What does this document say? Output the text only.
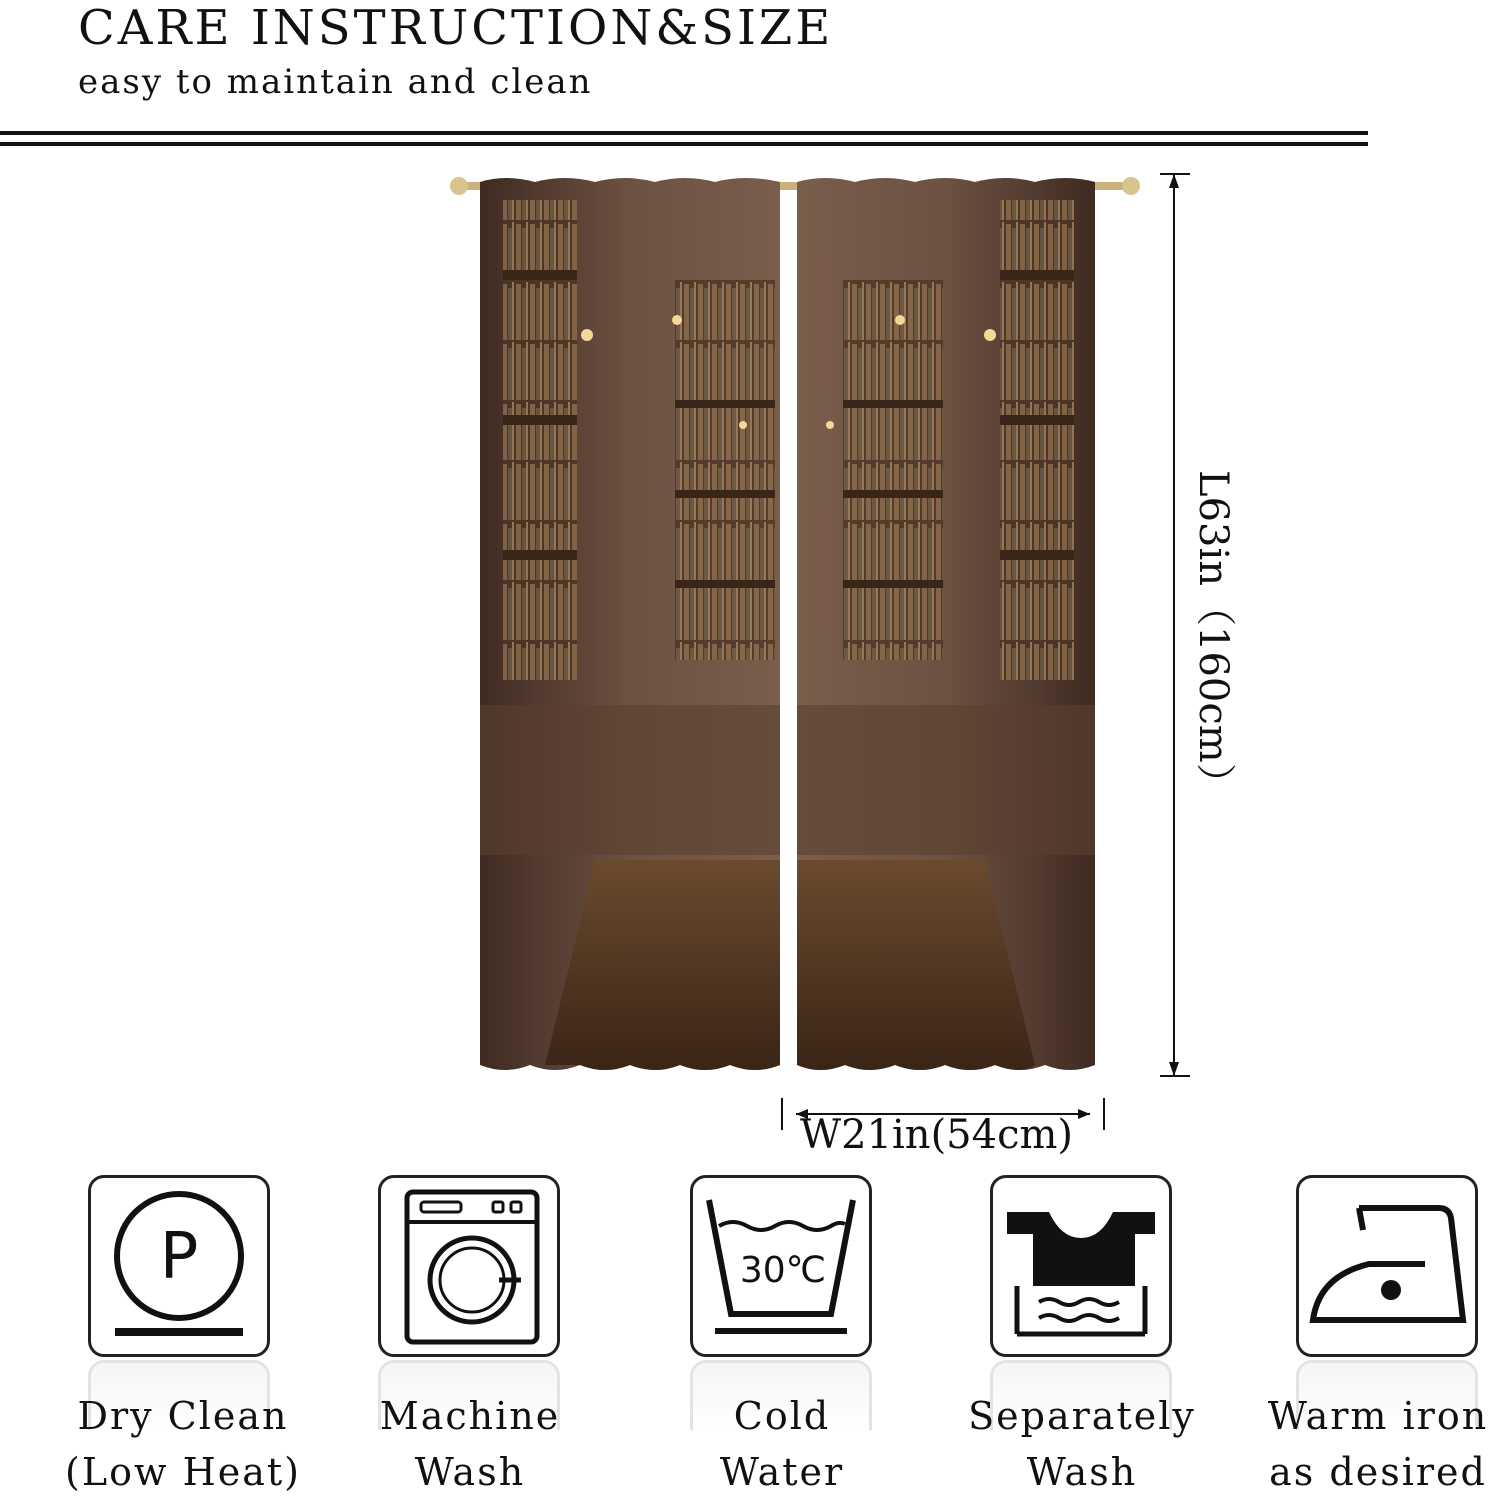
CARE INSTRUCTION&SIZE
easy to maintain and clean
L63in（160cm）
W21in(54cm)
P	30℃
Dry Clean
(Low Heat)
Machine
Wash
Cold
Water
Separately
Wash
Warm iron
as desired
